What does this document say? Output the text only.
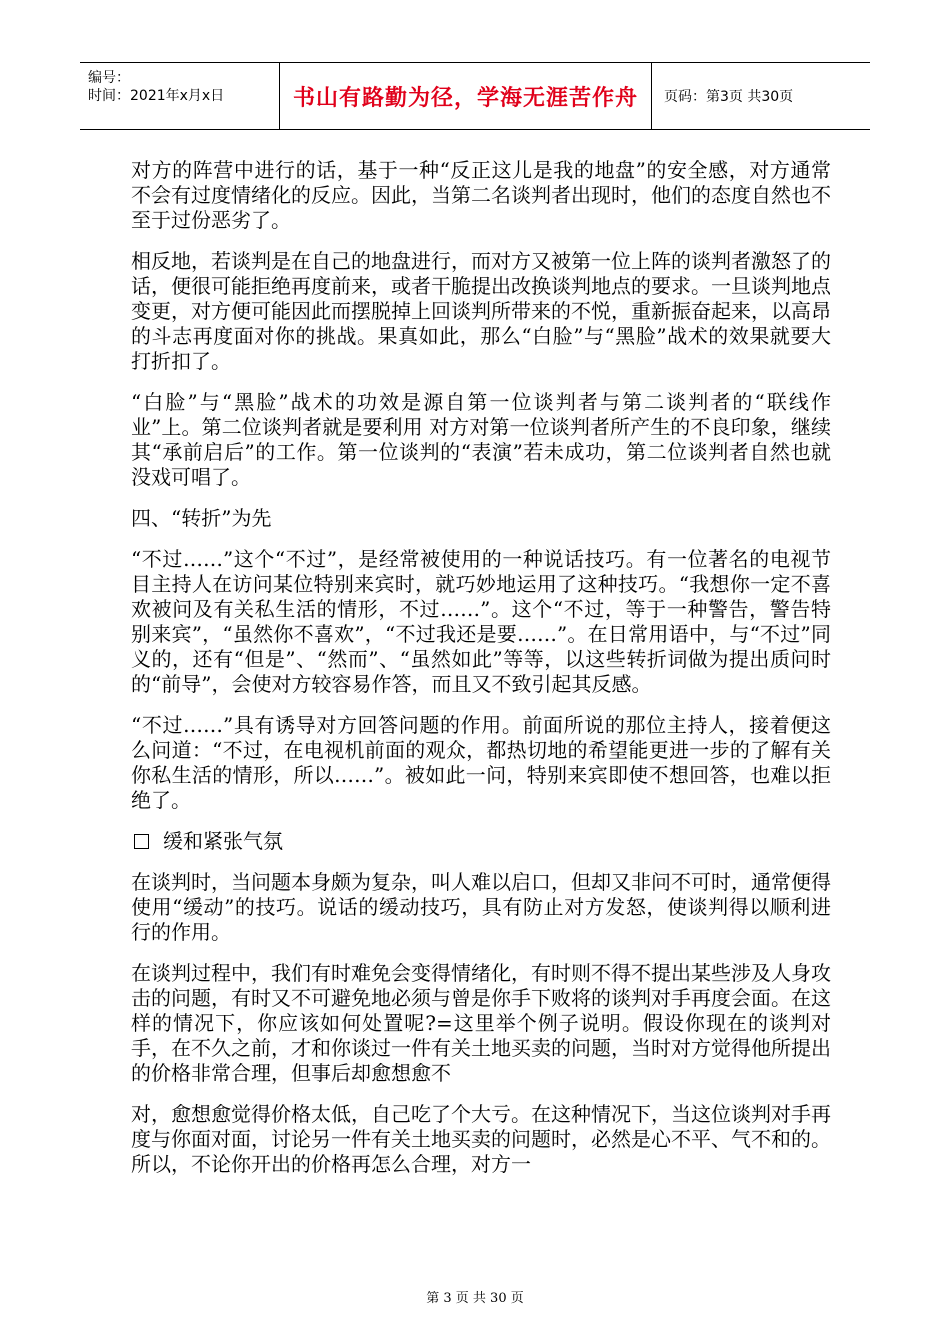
编号：
时间：2021年x月x日	书山有路勤为径，学海无涯苦作舟	页码：第3页 共30页

对方的阵营中进行的话，基于一种“反正这儿是我的地盘”的安全感，对方通常不会有过度情绪化的反应。因此，当第二名谈判者出现时，他们的态度自然也不至于过份恶劣了。

相反地，若谈判是在自己的地盘进行，而对方又被第一位上阵的谈判者激怒了的话，便很可能拒绝再度前来，或者干脆提出改换谈判地点的要求。一旦谈判地点变更，对方便可能因此而摆脱掉上回谈判所带来的不悦，重新振奋起来，以高昂的斗志再度面对你的挑战。果真如此，那么“白脸”与“黑脸”战术的效果就要大打折扣了。

“白脸”与“黑脸”战术的功效是源自第一位谈判者与第二谈判者的“联线作业”上。第二位谈判者就是要利用 对方对第一位谈判者所产生的不良印象，继续其“承前启后”的工作。第一位谈判的“表演”若未成功，第二位谈判者自然也就没戏可唱了。

四、“转折”为先

“不过……”这个“不过”，是经常被使用的一种说话技巧。有一位著名的电视节目主持人在访问某位特别来宾时，就巧妙地运用了这种技巧。“我想你一定不喜欢被问及有关私生活的情形，不过……”。这个“不过，等于一种警告，警告特别来宾”，“虽然你不喜欢”，“不过我还是要……”。在日常用语中，与“不过”同义的，还有“但是”、“然而”、“虽然如此”等等，以这些转折词做为提出质问时的“前导”，会使对方较容易作答，而且又不致引起其反感。

“不过……”具有诱导对方回答问题的作用。前面所说的那位主持人，接着便这么问道：“不过，在电视机前面的观众，都热切地的希望能更进一步的了解有关你私生活的情形，所以……”。被如此一问，特别来宾即使不想回答，也难以拒绝了。

缓和紧张气氛

在谈判时，当问题本身颇为复杂，叫人难以启口，但却又非问不可时，通常便得使用“缓动”的技巧。说话的缓动技巧，具有防止对方发怒，使谈判得以顺利进行的作用。

在谈判过程中，我们有时难免会变得情绪化，有时则不得不提出某些涉及人身攻击的问题，有时又不可避免地必须与曾是你手下败将的谈判对手再度会面。在这样的情况下，你应该如何处置呢?=这里举个例子说明。假设你现在的谈判对手，在不久之前，才和你谈过一件有关土地买卖的问题，当时对方觉得他所提出的价格非常合理，但事后却愈想愈不

对，愈想愈觉得价格太低，自己吃了个大亏。在这种情况下，当这位谈判对手再度与你面对面，讨论另一件有关土地买卖的问题时，必然是心不平、气不和的。所以，不论你开出的价格再怎么合理，对方一

第 3 页 共 30 页
